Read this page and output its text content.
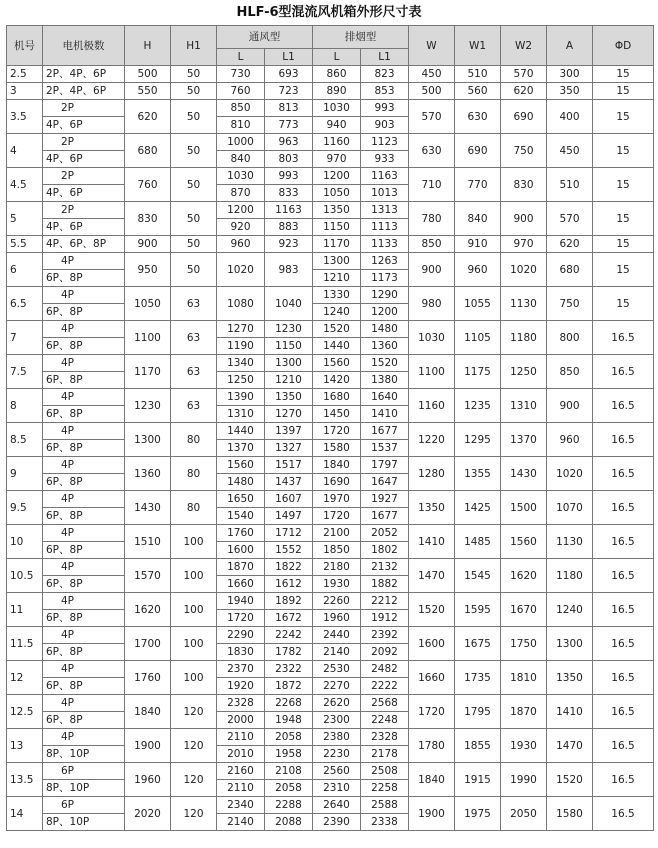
HLF-6型混流风机箱外形尺寸表
机号	电机极数	H	H1	通风型		排烟型		W	W1	W2	A	ΦD
				L	L1	L	L1					
2.5	2P、4P、6P	500	50	730	693	860	823	450	510	570	300	15
3	2P、4P、6P	550	50	760	723	890	853	500	560	620	350	15
3.5	2P	620	50	850	813	1030	993	570	630	690	400	15
	4P、6P			810	773	940	903					
4	2P	680	50	1000	963	1160	1123	630	690	750	450	15
	4P、6P			840	803	970	933					
4.5	2P	760	50	1030	993	1200	1163	710	770	830	510	15
	4P、6P			870	833	1050	1013					
5	2P	830	50	1200	1163	1350	1313	780	840	900	570	15
	4P、6P			920	883	1150	1113					
5.5	4P、6P、8P	900	50	960	923	1170	1133	850	910	970	620	15
6	4P	950	50	1020	983	1300	1263	900	960	1020	680	15
	6P、8P					1210	1173					
6.5	4P	1050	63	1080	1040	1330	1290	980	1055	1130	750	15
	6P、8P					1240	1200					
7	4P	1100	63	1270	1230	1520	1480	1030	1105	1180	800	16.5
	6P、8P			1190	1150	1440	1360					
7.5	4P	1170	63	1340	1300	1560	1520	1100	1175	1250	850	16.5
	6P、8P			1250	1210	1420	1380					
8	4P	1230	63	1390	1350	1680	1640	1160	1235	1310	900	16.5
	6P、8P			1310	1270	1450	1410					
8.5	4P	1300	80	1440	1397	1720	1677	1220	1295	1370	960	16.5
	6P、8P			1370	1327	1580	1537					
9	4P	1360	80	1560	1517	1840	1797	1280	1355	1430	1020	16.5
	6P、8P			1480	1437	1690	1647					
9.5	4P	1430	80	1650	1607	1970	1927	1350	1425	1500	1070	16.5
	6P、8P			1540	1497	1720	1677					
10	4P	1510	100	1760	1712	2100	2052	1410	1485	1560	1130	16.5
	6P、8P			1600	1552	1850	1802					
10.5	4P	1570	100	1870	1822	2180	2132	1470	1545	1620	1180	16.5
	6P、8P			1660	1612	1930	1882					
11	4P	1620	100	1940	1892	2260	2212	1520	1595	1670	1240	16.5
	6P、8P			1720	1672	1960	1912					
11.5	4P	1700	100	2290	2242	2440	2392	1600	1675	1750	1300	16.5
	6P、8P			1830	1782	2140	2092					
12	4P	1760	100	2370	2322	2530	2482	1660	1735	1810	1350	16.5
	6P、8P			1920	1872	2270	2222					
12.5	4P	1840	120	2328	2268	2620	2568	1720	1795	1870	1410	16.5
	6P、8P			2000	1948	2300	2248					
13	4P	1900	120	2110	2058	2380	2328	1780	1855	1930	1470	16.5
	8P、10P			2010	1958	2230	2178					
13.5	6P	1960	120	2160	2108	2560	2508	1840	1915	1990	1520	16.5
	8P、10P			2110	2058	2310	2258					
14	6P	2020	120	2340	2288	2640	2588	1900	1975	2050	1580	16.5
	8P、10P			2140	2088	2390	2338					
